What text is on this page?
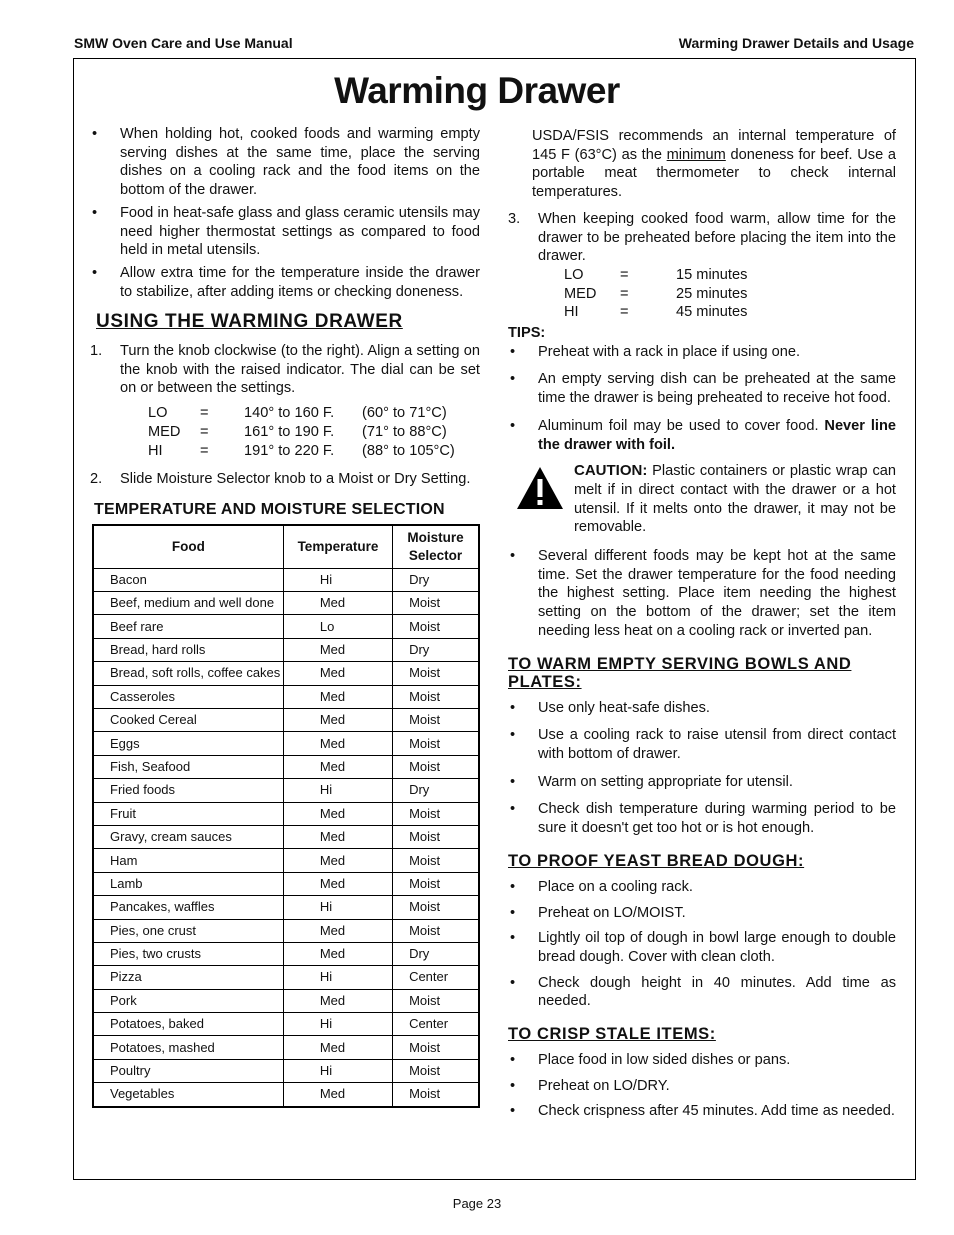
SMW Oven Care and Use Manual	Warming Drawer Details and Usage
Warming Drawer
• When holding hot, cooked foods and warming empty serving dishes at the same time, place the serving dishes on a cooling rack and the food items on the bottom of the drawer.
• Food in heat-safe glass and glass ceramic utensils may need higher thermostat settings as compared to food held in metal utensils.
• Allow extra time for the temperature inside the drawer to stabilize, after adding items or checking doneness.
USING THE WARMING DRAWER
1. Turn the knob clockwise (to the right). Align a setting on the knob with the raised indicator. The dial can be set on or between the settings.
LO	=	140° to 160 F.	(60° to 71°C)
MED	=	161° to 190 F.	(71° to 88°C)
HI	=	191° to 220 F.	(88° to 105°C)
2. Slide Moisture Selector knob to a Moist or Dry Setting.
TEMPERATURE AND MOISTURE SELECTION
Food	Temperature	Moisture Selector
Bacon	Hi	Dry
Beef, medium and well done	Med	Moist
Beef rare	Lo	Moist
Bread, hard rolls	Med	Dry
Bread, soft rolls, coffee cakes	Med	Moist
Casseroles	Med	Moist
Cooked Cereal	Med	Moist
Eggs	Med	Moist
Fish, Seafood	Med	Moist
Fried foods	Hi	Dry
Fruit	Med	Moist
Gravy, cream sauces	Med	Moist
Ham	Med	Moist
Lamb	Med	Moist
Pancakes, waffles	Hi	Moist
Pies, one crust	Med	Moist
Pies, two crusts	Med	Dry
Pizza	Hi	Center
Pork	Med	Moist
Potatoes, baked	Hi	Center
Potatoes, mashed	Med	Moist
Poultry	Hi	Moist
Vegetables	Med	Moist
USDA/FSIS recommends an internal temperature of 145 F (63°C) as the minimum doneness for beef. Use a portable meat thermometer to check internal temperatures.
3. When keeping cooked food warm, allow time for the drawer to be preheated before placing the item into the drawer.
LO	=	15 minutes
MED	=	25 minutes
HI	=	45 minutes
TIPS:
• Preheat with a rack in place if using one.
• An empty serving dish can be preheated at the same time the drawer is being preheated to receive hot food.
• Aluminum foil may be used to cover food. Never line the drawer with foil.
CAUTION: Plastic containers or plastic wrap can melt if in direct contact with the drawer or a hot utensil. If it melts onto the drawer, it may not be removable.
• Several different foods may be kept hot at the same time. Set the drawer temperature for the food needing the highest setting. Place item needing the highest setting on the bottom of the drawer; set the item needing less heat on a cooling rack or inverted pan.
TO WARM EMPTY SERVING BOWLS AND PLATES:
• Use only heat-safe dishes.
• Use a cooling rack to raise utensil from direct contact with bottom of drawer.
• Warm on setting appropriate for utensil.
• Check dish temperature during warming period to be sure it doesn't get too hot or is hot enough.
TO PROOF YEAST BREAD DOUGH:
• Place on a cooling rack.
• Preheat on LO/MOIST.
• Lightly oil top of dough in bowl large enough to double bread dough. Cover with clean cloth.
• Check dough height in 40 minutes. Add time as needed.
TO CRISP STALE ITEMS:
• Place food in low sided dishes or pans.
• Preheat on LO/DRY.
• Check crispness after 45 minutes. Add time as needed.
Page 23
